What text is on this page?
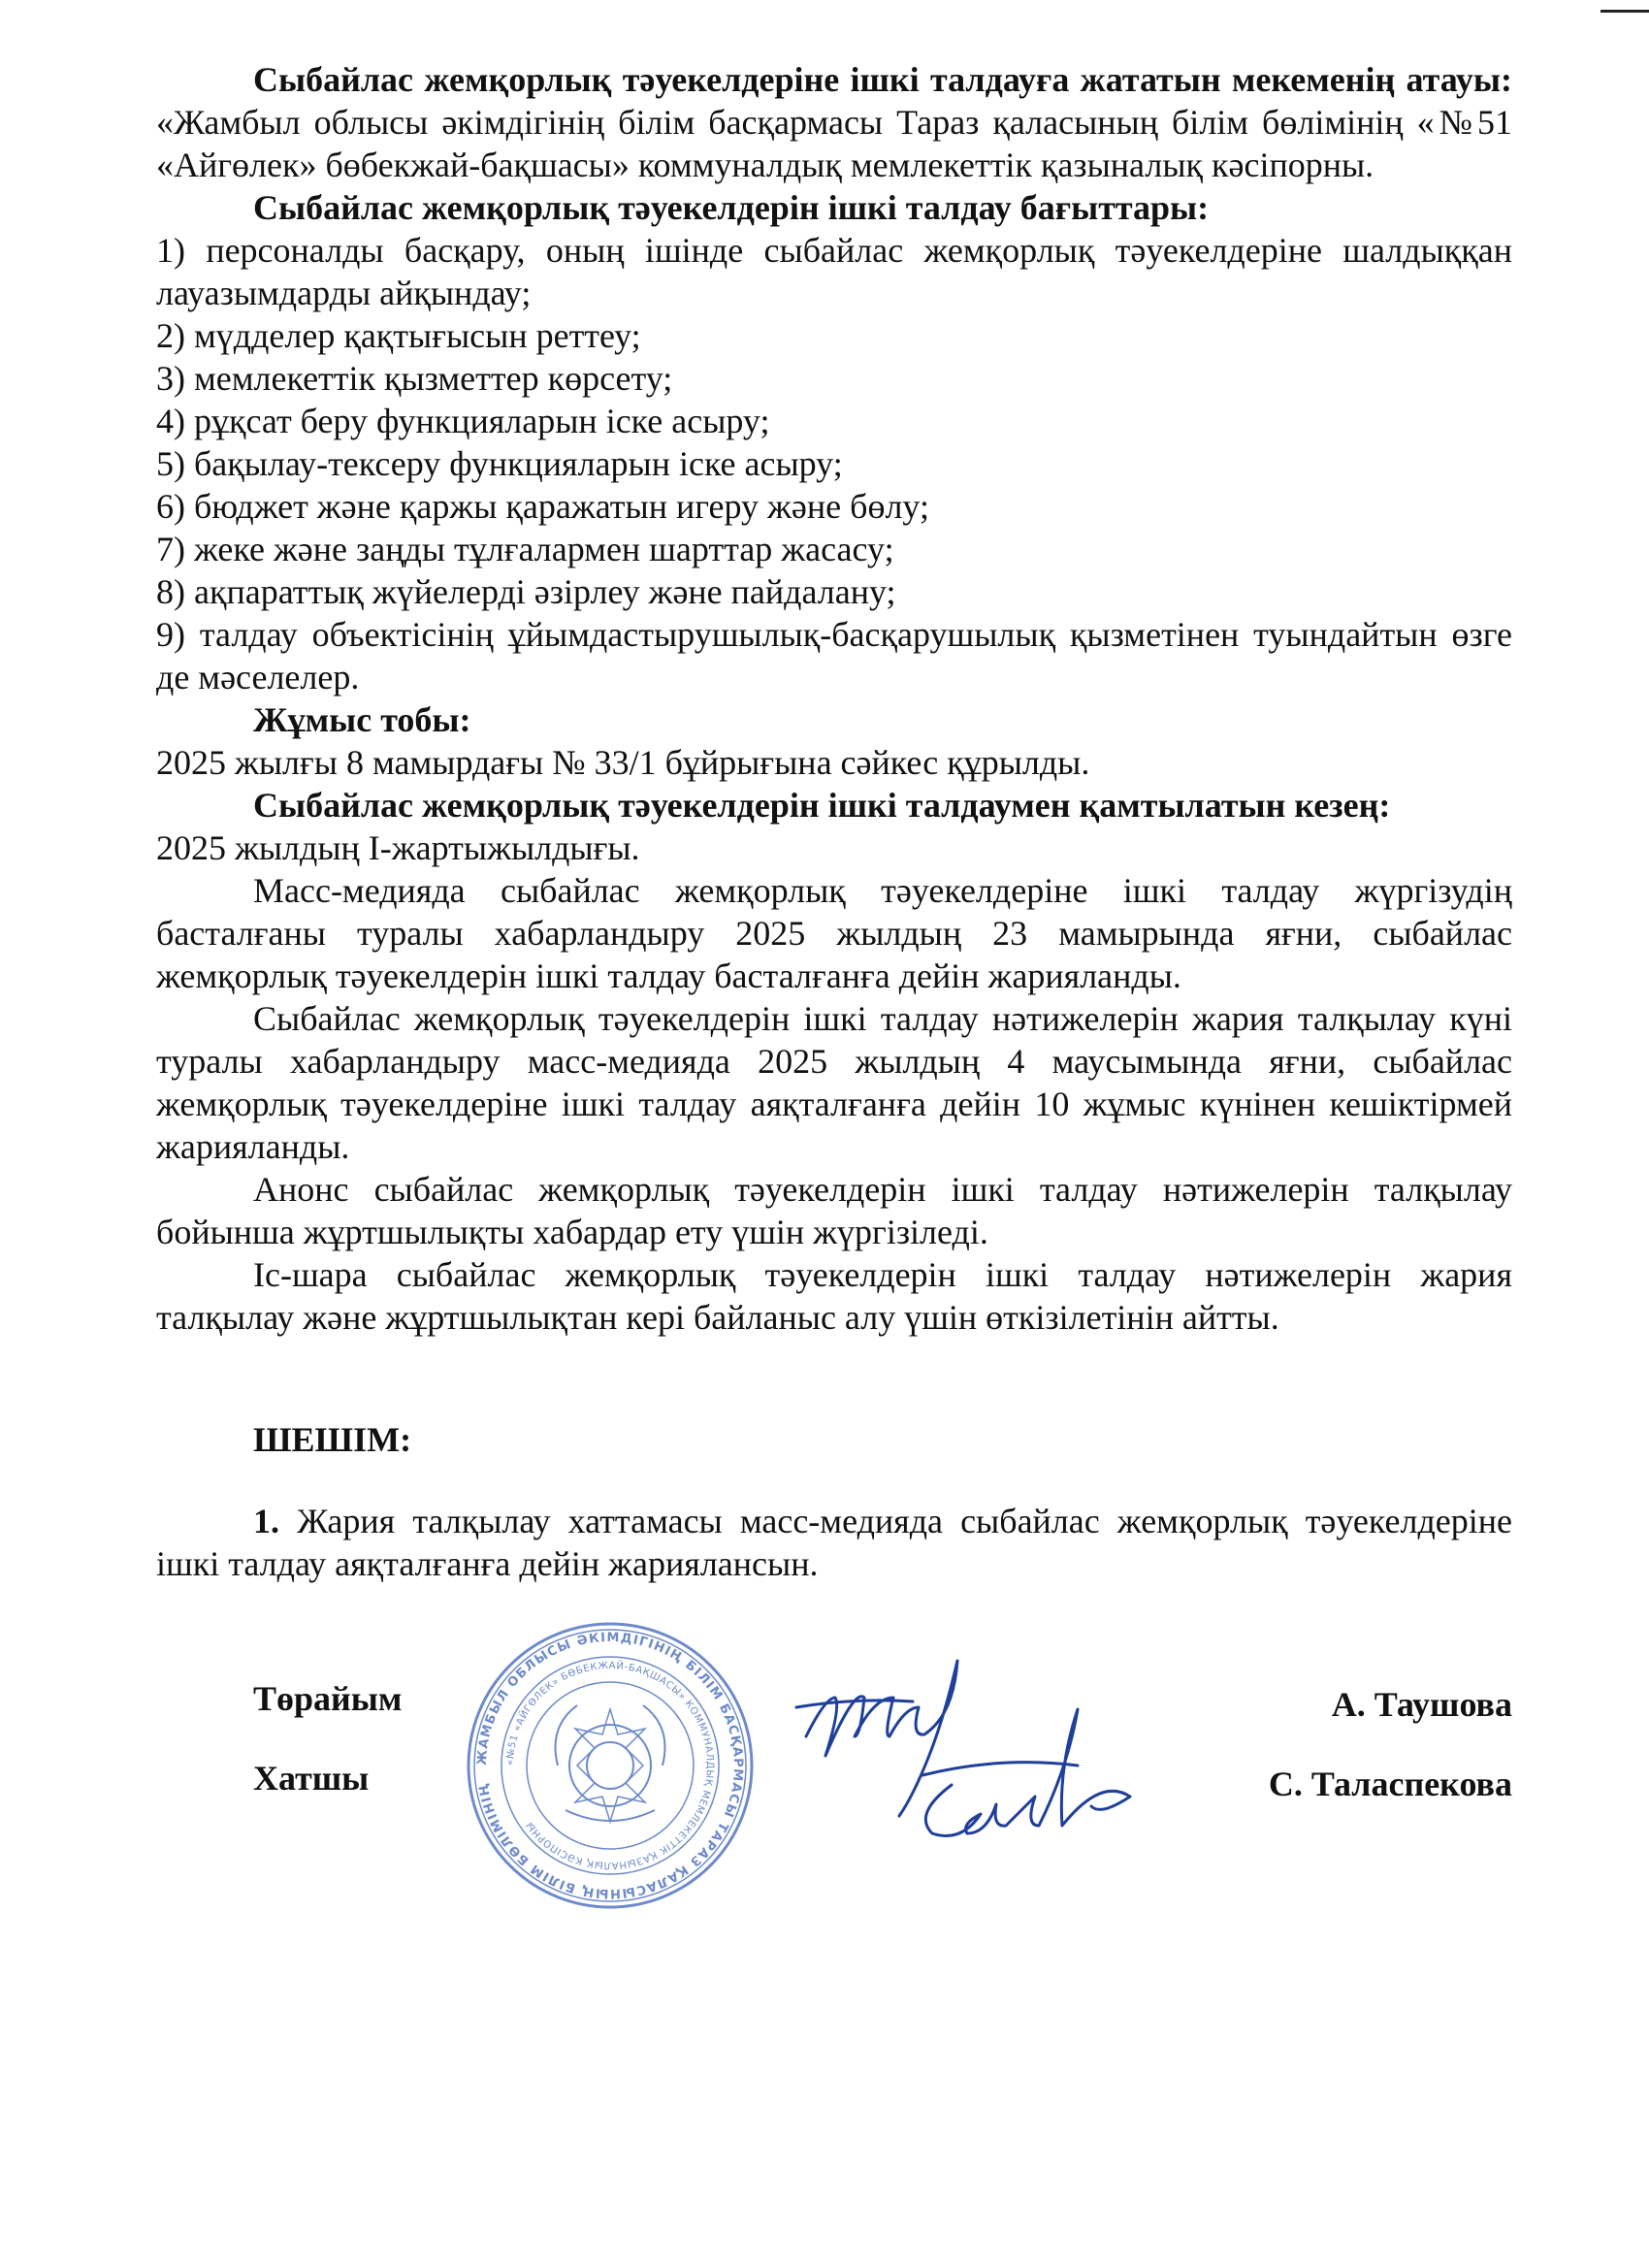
Сыбайлас жемқорлық тәуекелдеріне ішкі талдауға жататын мекеменің атауы: «Жамбыл облысы әкімдігінің білім басқармасы Тараз қаласының білім бөлімінің «№51 «Айгөлек» бөбекжай-бақшасы» коммуналдық мемлекеттік қазыналық кәсіпорны.

Сыбайлас жемқорлық тәуекелдерін ішкі талдау бағыттары:

1) персоналды басқару, оның ішінде сыбайлас жемқорлық тәуекелдеріне шалдыққан лауазымдарды айқындау;

2) мүдделер қақтығысын реттеу;

3) мемлекеттік қызметтер көрсету;

4) рұқсат беру функцияларын іске асыру;

5) бақылау-тексеру функцияларын іске асыру;

6) бюджет және қаржы қаражатын игеру және бөлу;

7) жеке және заңды тұлғалармен шарттар жасасу;

8) ақпараттық жүйелерді әзірлеу және пайдалану;

9) талдау объектісінің ұйымдастырушылық-басқарушылық қызметінен туындайтын өзге де мәселелер.

Жұмыс тобы:

2025 жылғы 8 мамырдағы № 33/1 бұйрығына сәйкес құрылды.

Сыбайлас жемқорлық тәуекелдерін ішкі талдаумен қамтылатын кезең:

2025 жылдың І-жартыжылдығы.

Масс-медияда сыбайлас жемқорлық тәуекелдеріне ішкі талдау жүргізудің басталғаны туралы хабарландыру 2025 жылдың 23 мамырында яғни, сыбайлас жемқорлық тәуекелдерін ішкі талдау басталғанға дейін жарияланды.

Сыбайлас жемқорлық тәуекелдерін ішкі талдау нәтижелерін жария талқылау күні туралы хабарландыру масс-медияда 2025 жылдың 4 маусымында яғни, сыбайлас жемқорлық тәуекелдеріне ішкі талдау аяқталғанға дейін 10 жұмыс күнінен кешіктірмей жарияланды.

Анонс сыбайлас жемқорлық тәуекелдерін ішкі талдау нәтижелерін талқылау бойынша жұртшылықты хабардар ету үшін жүргізіледі.

Іс-шара сыбайлас жемқорлық тәуекелдерін ішкі талдау нәтижелерін жария талқылау және жұртшылықтан кері байланыс алу үшін өткізілетінін айтты.

ШЕШІМ:

1. Жария талқылау хаттамасы масс-медияда сыбайлас жемқорлық тәуекелдеріне ішкі талдау аяқталғанға дейін жариялансын.

Төрайым	А. Таушова
Хатшы	С. Таласпекова
ЖАМБЫЛ ОБЛЫСЫ ӘКІМДІГІНІҢ БІЛІМ БАСҚАРМАСЫ ТАРАЗ ҚАЛАСЫНЫҢ БІЛІМ БӨЛІМІНІҢ
«№51 «АЙГӨЛЕК» БӨБЕКЖАЙ-БАҚШАСЫ» КОММУНАЛДЫҚ МЕМЛЕКЕТТІК ҚАЗЫНАЛЫҚ КӘСІПОРНЫ
